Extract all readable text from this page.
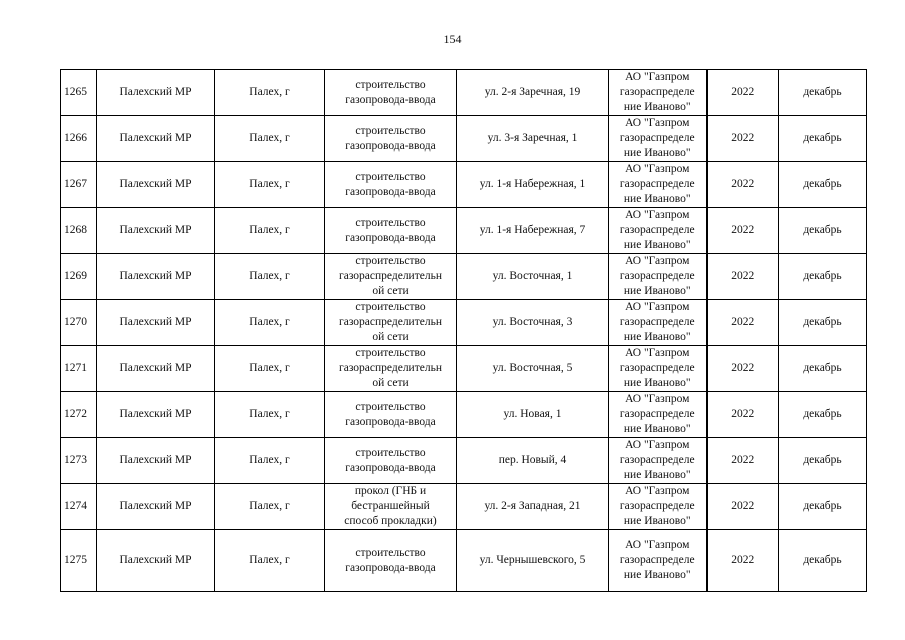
154
1265	Палехский МР	Палех, г	строительство
газопровода-ввода	ул. 2-я Заречная, 19	АО "Газпром
газораспределе
ние Иваново"	2022	декабрь
1266	Палехский МР	Палех, г	строительство
газопровода-ввода	ул. 3-я Заречная, 1	АО "Газпром
газораспределе
ние Иваново"	2022	декабрь
1267	Палехский МР	Палех, г	строительство
газопровода-ввода	ул. 1-я Набережная, 1	АО "Газпром
газораспределе
ние Иваново"	2022	декабрь
1268	Палехский МР	Палех, г	строительство
газопровода-ввода	ул. 1-я Набережная, 7	АО "Газпром
газораспределе
ние Иваново"	2022	декабрь
1269	Палехский МР	Палех, г	строительство
газораспределительн
ой сети	ул. Восточная, 1	АО "Газпром
газораспределе
ние Иваново"	2022	декабрь
1270	Палехский МР	Палех, г	строительство
газораспределительн
ой сети	ул. Восточная, 3	АО "Газпром
газораспределе
ние Иваново"	2022	декабрь
1271	Палехский МР	Палех, г	строительство
газораспределительн
ой сети	ул. Восточная, 5	АО "Газпром
газораспределе
ние Иваново"	2022	декабрь
1272	Палехский МР	Палех, г	строительство
газопровода-ввода	ул. Новая, 1	АО "Газпром
газораспределе
ние Иваново"	2022	декабрь
1273	Палехский МР	Палех, г	строительство
газопровода-ввода	пер. Новый, 4	АО "Газпром
газораспределе
ние Иваново"	2022	декабрь
1274	Палехский МР	Палех, г	прокол (ГНБ и
бестраншейный
способ прокладки)	ул. 2-я Западная, 21	АО "Газпром
газораспределе
ние Иваново"	2022	декабрь
1275	Палехский МР	Палех, г	строительство
газопровода-ввода	ул. Чернышевского, 5	АО "Газпром
газораспределе
ние Иваново"	2022	декабрь
